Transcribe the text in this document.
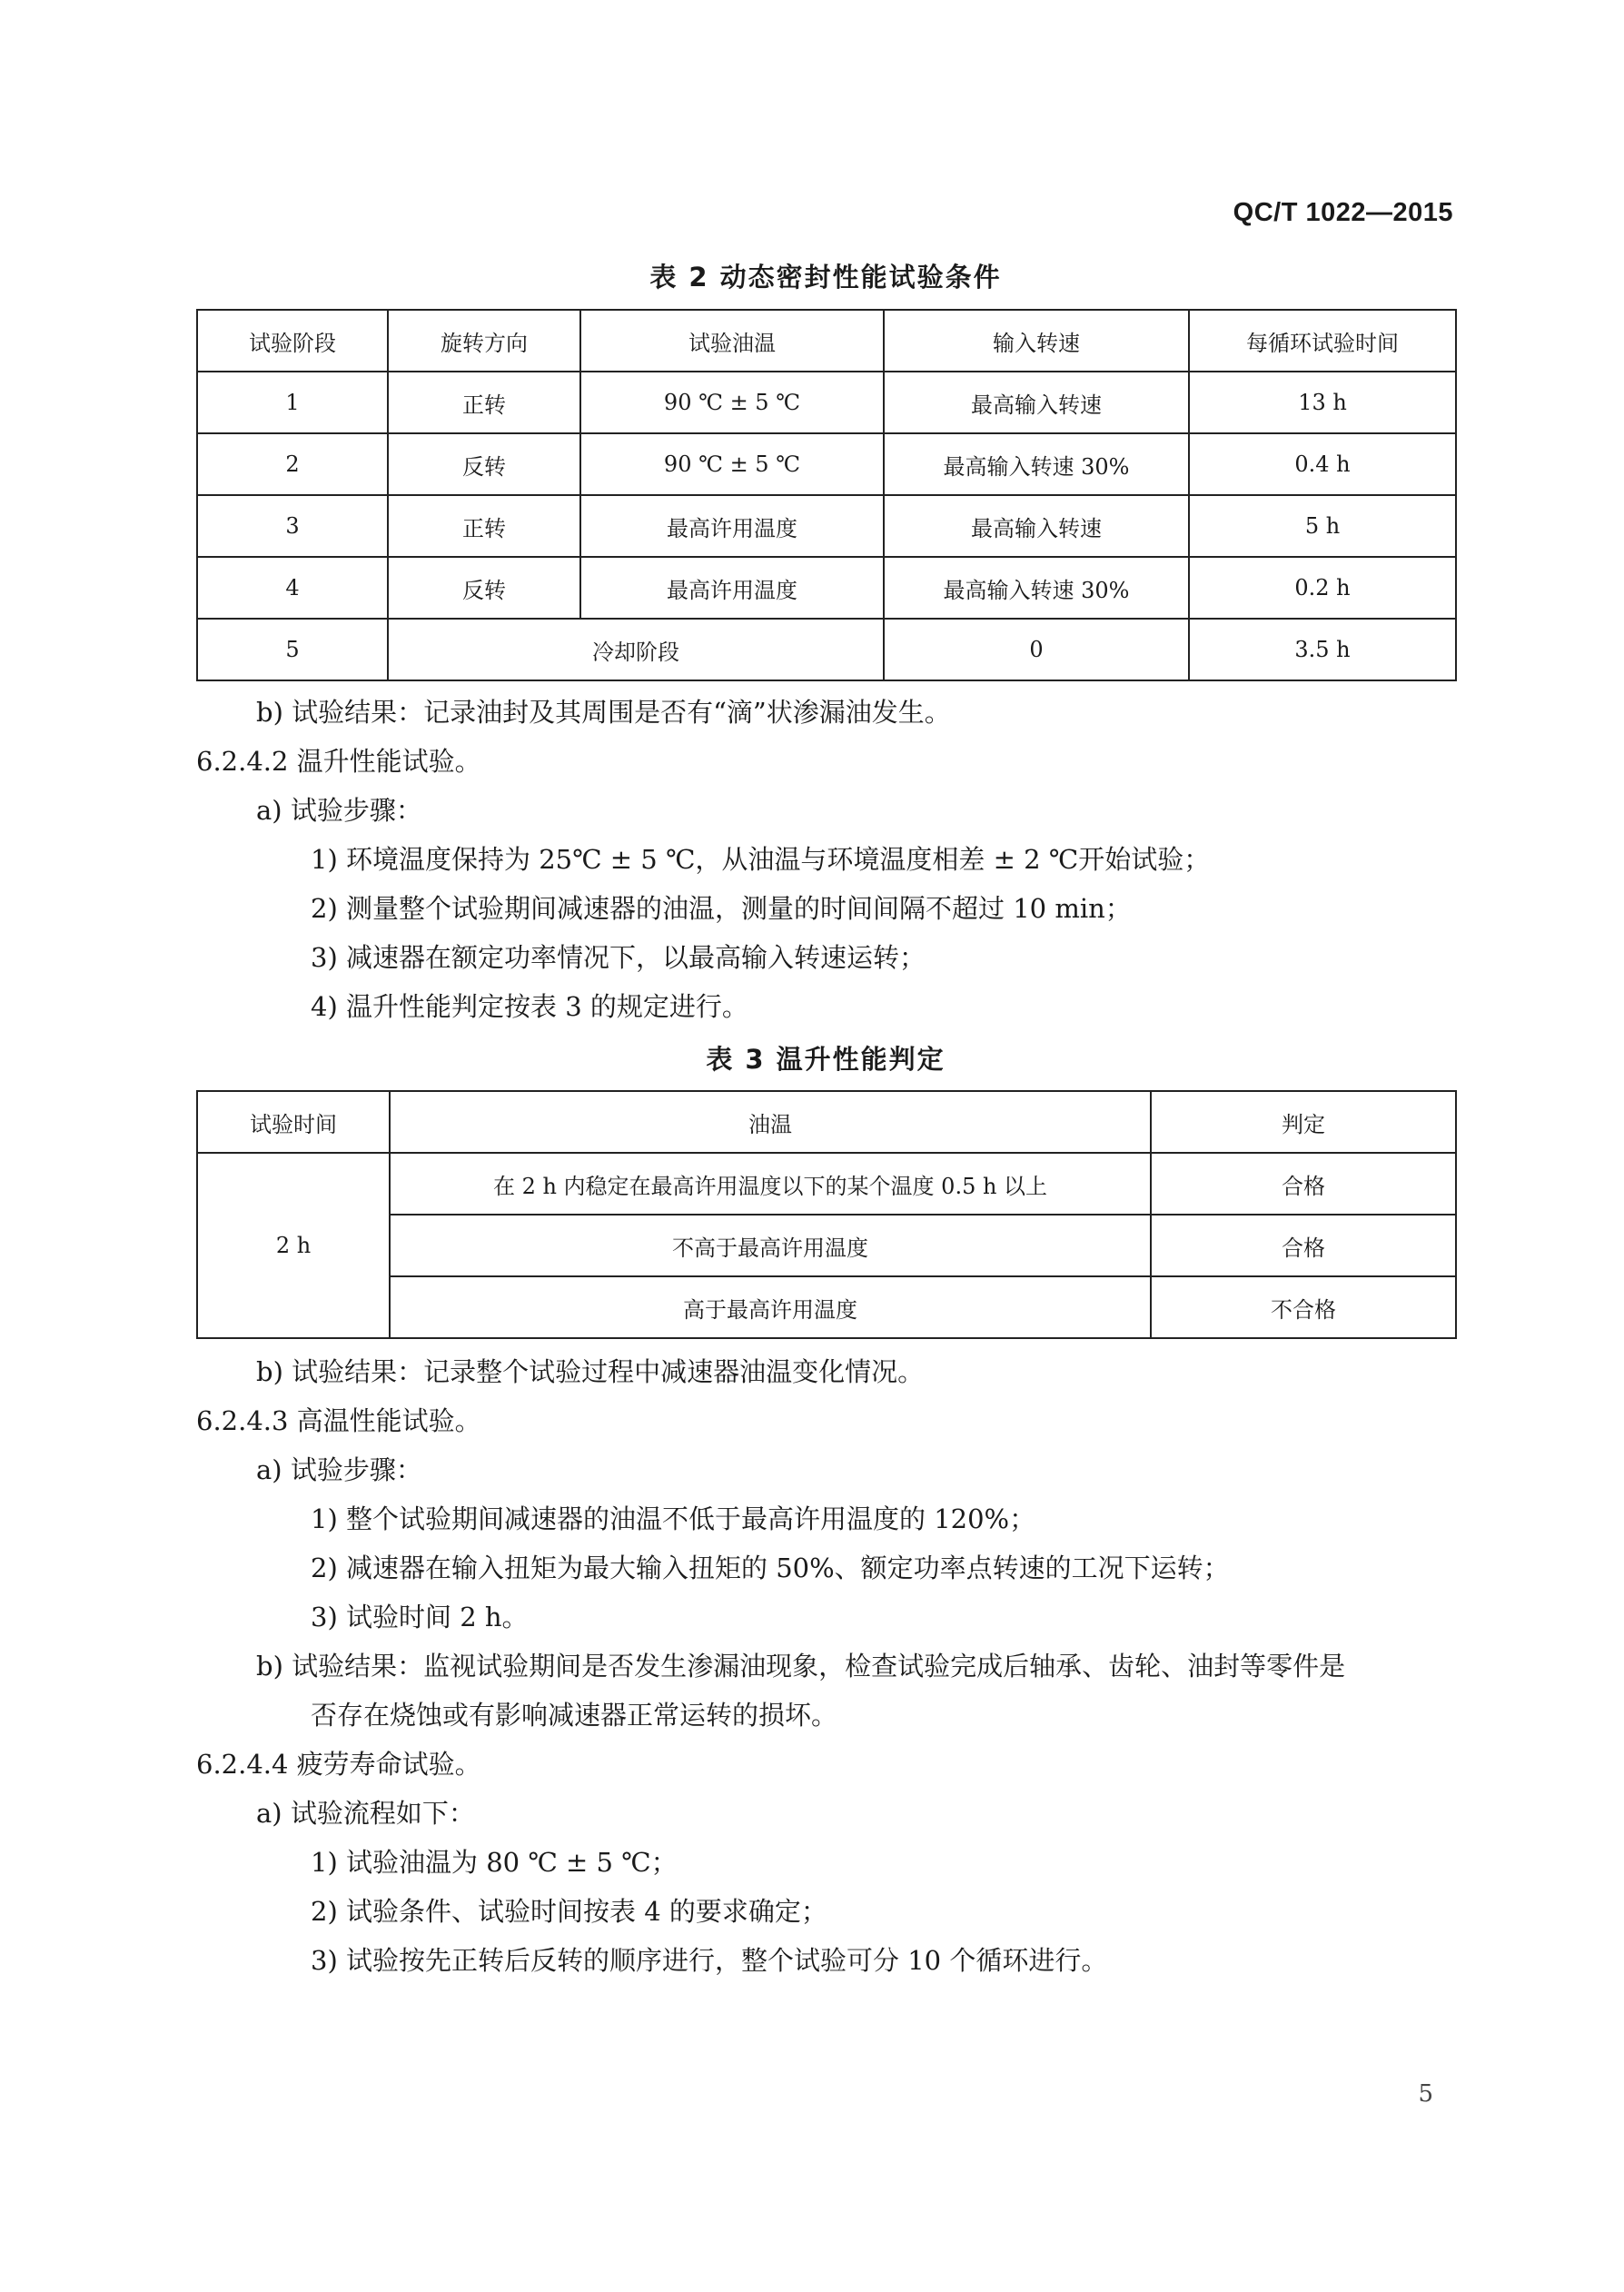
QC/T 1022—2015
表 2 动态密封性能试验条件
试验阶段	旋转方向	试验油温	输入转速	每循环试验时间
1	正转	90 ℃ ± 5 ℃	最高输入转速	13 h
2	反转	90 ℃ ± 5 ℃	最高输入转速 30%	0.4 h
3	正转	最高许用温度	最高输入转速	5 h
4	反转	最高许用温度	最高输入转速 30%	0.2 h
5	冷却阶段		0	3.5 h
b) 试验结果：记录油封及其周围是否有“滴”状渗漏油发生。
6.2.4.2 温升性能试验。
a) 试验步骤：
1) 环境温度保持为 25℃ ± 5 ℃，从油温与环境温度相差 ± 2 ℃开始试验；
2) 测量整个试验期间减速器的油温，测量的时间间隔不超过 10 min；
3) 减速器在额定功率情况下，以最高输入转速运转；
4) 温升性能判定按表 3 的规定进行。
表 3 温升性能判定
试验时间	油温	判定
2 h	在 2 h 内稳定在最高许用温度以下的某个温度 0.5 h 以上	合格
	不高于最高许用温度	合格
	高于最高许用温度	不合格
b) 试验结果：记录整个试验过程中减速器油温变化情况。
6.2.4.3 高温性能试验。
a) 试验步骤：
1) 整个试验期间减速器的油温不低于最高许用温度的 120%；
2) 减速器在输入扭矩为最大输入扭矩的 50%、额定功率点转速的工况下运转；
3) 试验时间 2 h。
b) 试验结果：监视试验期间是否发生渗漏油现象，检查试验完成后轴承、齿轮、油封等零件是
否存在烧蚀或有影响减速器正常运转的损坏。
6.2.4.4 疲劳寿命试验。
a) 试验流程如下：
1) 试验油温为 80 ℃ ± 5 ℃；
2) 试验条件、试验时间按表 4 的要求确定；
3) 试验按先正转后反转的顺序进行，整个试验可分 10 个循环进行。
5
